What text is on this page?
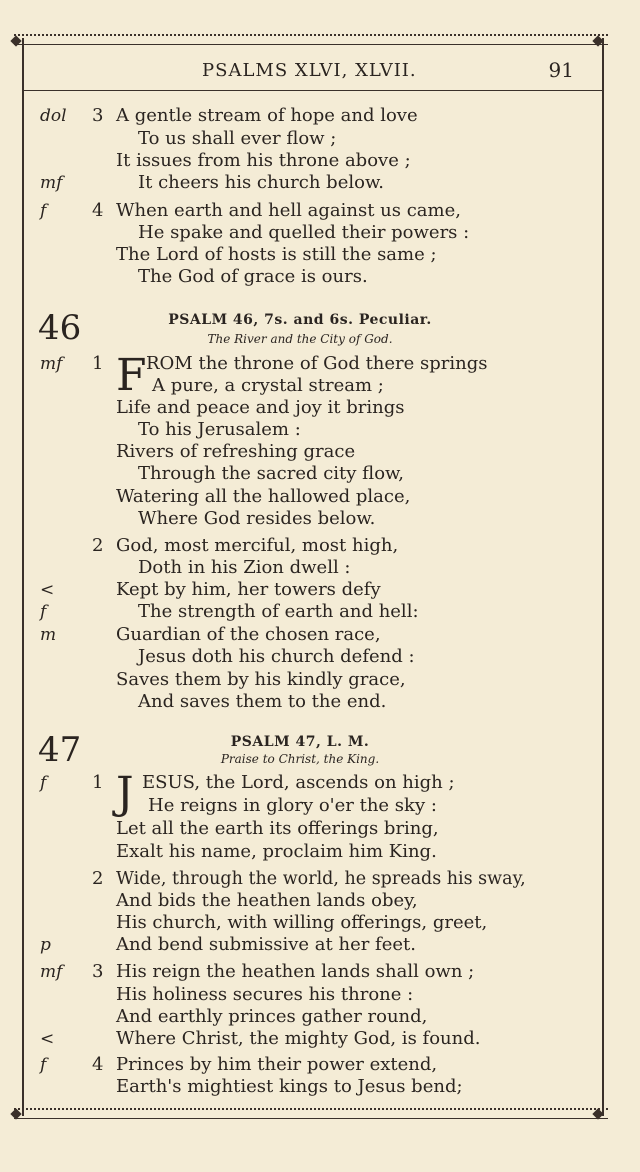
PSALMS XLVI, XLVII.	91
dol 3 A gentle stream of hope and love
To us shall ever flow ;
It issues from his throne above ;
mf	It cheers his church below.
f	4 When earth and hell against us came,
He spake and quelled their powers :
The Lord of hosts is still the same ;
The God of grace is ours.
46	PSALM 46, 7s. and 6s. Peculiar.
The River and the City of God.
F
mf 1 ROM the throne of God there springs
A pure, a crystal stream ;
Life and peace and joy it brings
To his Jerusalem :
Rivers of refreshing grace
Through the sacred city flow,
Watering all the hallowed place,
Where God resides below.
2 God, most merciful, most high,
Doth in his Zion dwell :
<	Kept by him, her towers defy
f	The strength of earth and hell:
m	Guardian of the chosen race,
Jesus doth his church defend :
Saves them by his kindly grace,
And saves them to the end.
47	PSALM 47, L. M.
Praise to Christ, the King.
J
f	1 ESUS, the Lord, ascends on high ;
He reigns in glory o'er the sky :
Let all the earth its offerings bring,
Exalt his name, proclaim him King.
2 Wide, through the world, he spreads his sway,
And bids the heathen lands obey,
His church, with willing offerings, greet,
p	And bend submissive at her feet.
mf 3 His reign the heathen lands shall own ;
His holiness secures his throne :
And earthly princes gather round,
<	Where Christ, the mighty God, is found.
f	4 Princes by him their power extend,
Earth's mightiest kings to Jesus bend;
